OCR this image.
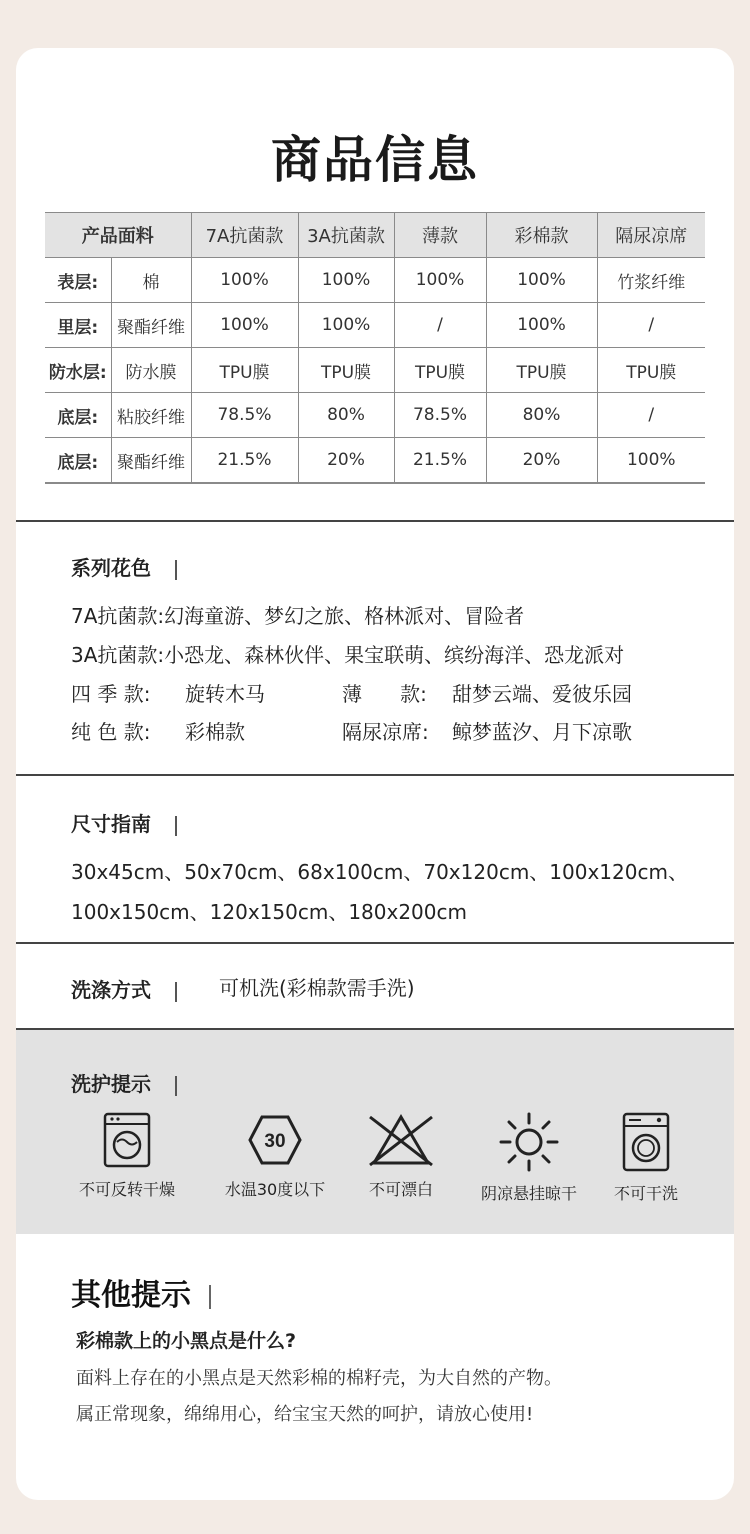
商品信息
产品面料		7A抗菌款	3A抗菌款	薄款	彩棉款	隔尿凉席
表层:	棉	100%	100%	100%	100%	竹浆纤维
里层:	聚酯纤维	100%	100%	/	100%	/
防水层:	防水膜	TPU膜	TPU膜	TPU膜	TPU膜	TPU膜
底层:	粘胶纤维	78.5%	80%	78.5%	80%	/
底层:	聚酯纤维	21.5%	20%	21.5%	20%	100%
系列花色
7A抗菌款:幻海童游、梦幻之旅、格林派对、冒险者
3A抗菌款:小恐龙、森林伙伴、果宝联萌、缤纷海洋、恐龙派对
四 季 款: 旋转木马	薄      款: 甜梦云端、爱彼乐园
纯 色 款: 彩棉款	隔尿凉席: 鲸梦蓝汐、月下凉歌
尺寸指南
30x45cm、50x70cm、68x100cm、70x120cm、100x120cm、
100x150cm、120x150cm、180x200cm
洗涤方式	可机洗(彩棉款需手洗)
洗护提示
不可反转干燥
30
水温30度以下	不可漂白	阴凉悬挂晾干	不可干洗
其他提示
彩棉款上的小黑点是什么?
面料上存在的小黑点是天然彩棉的棉籽壳，为大自然的产物。
属正常现象，绵绵用心，给宝宝天然的呵护，请放心使用!
